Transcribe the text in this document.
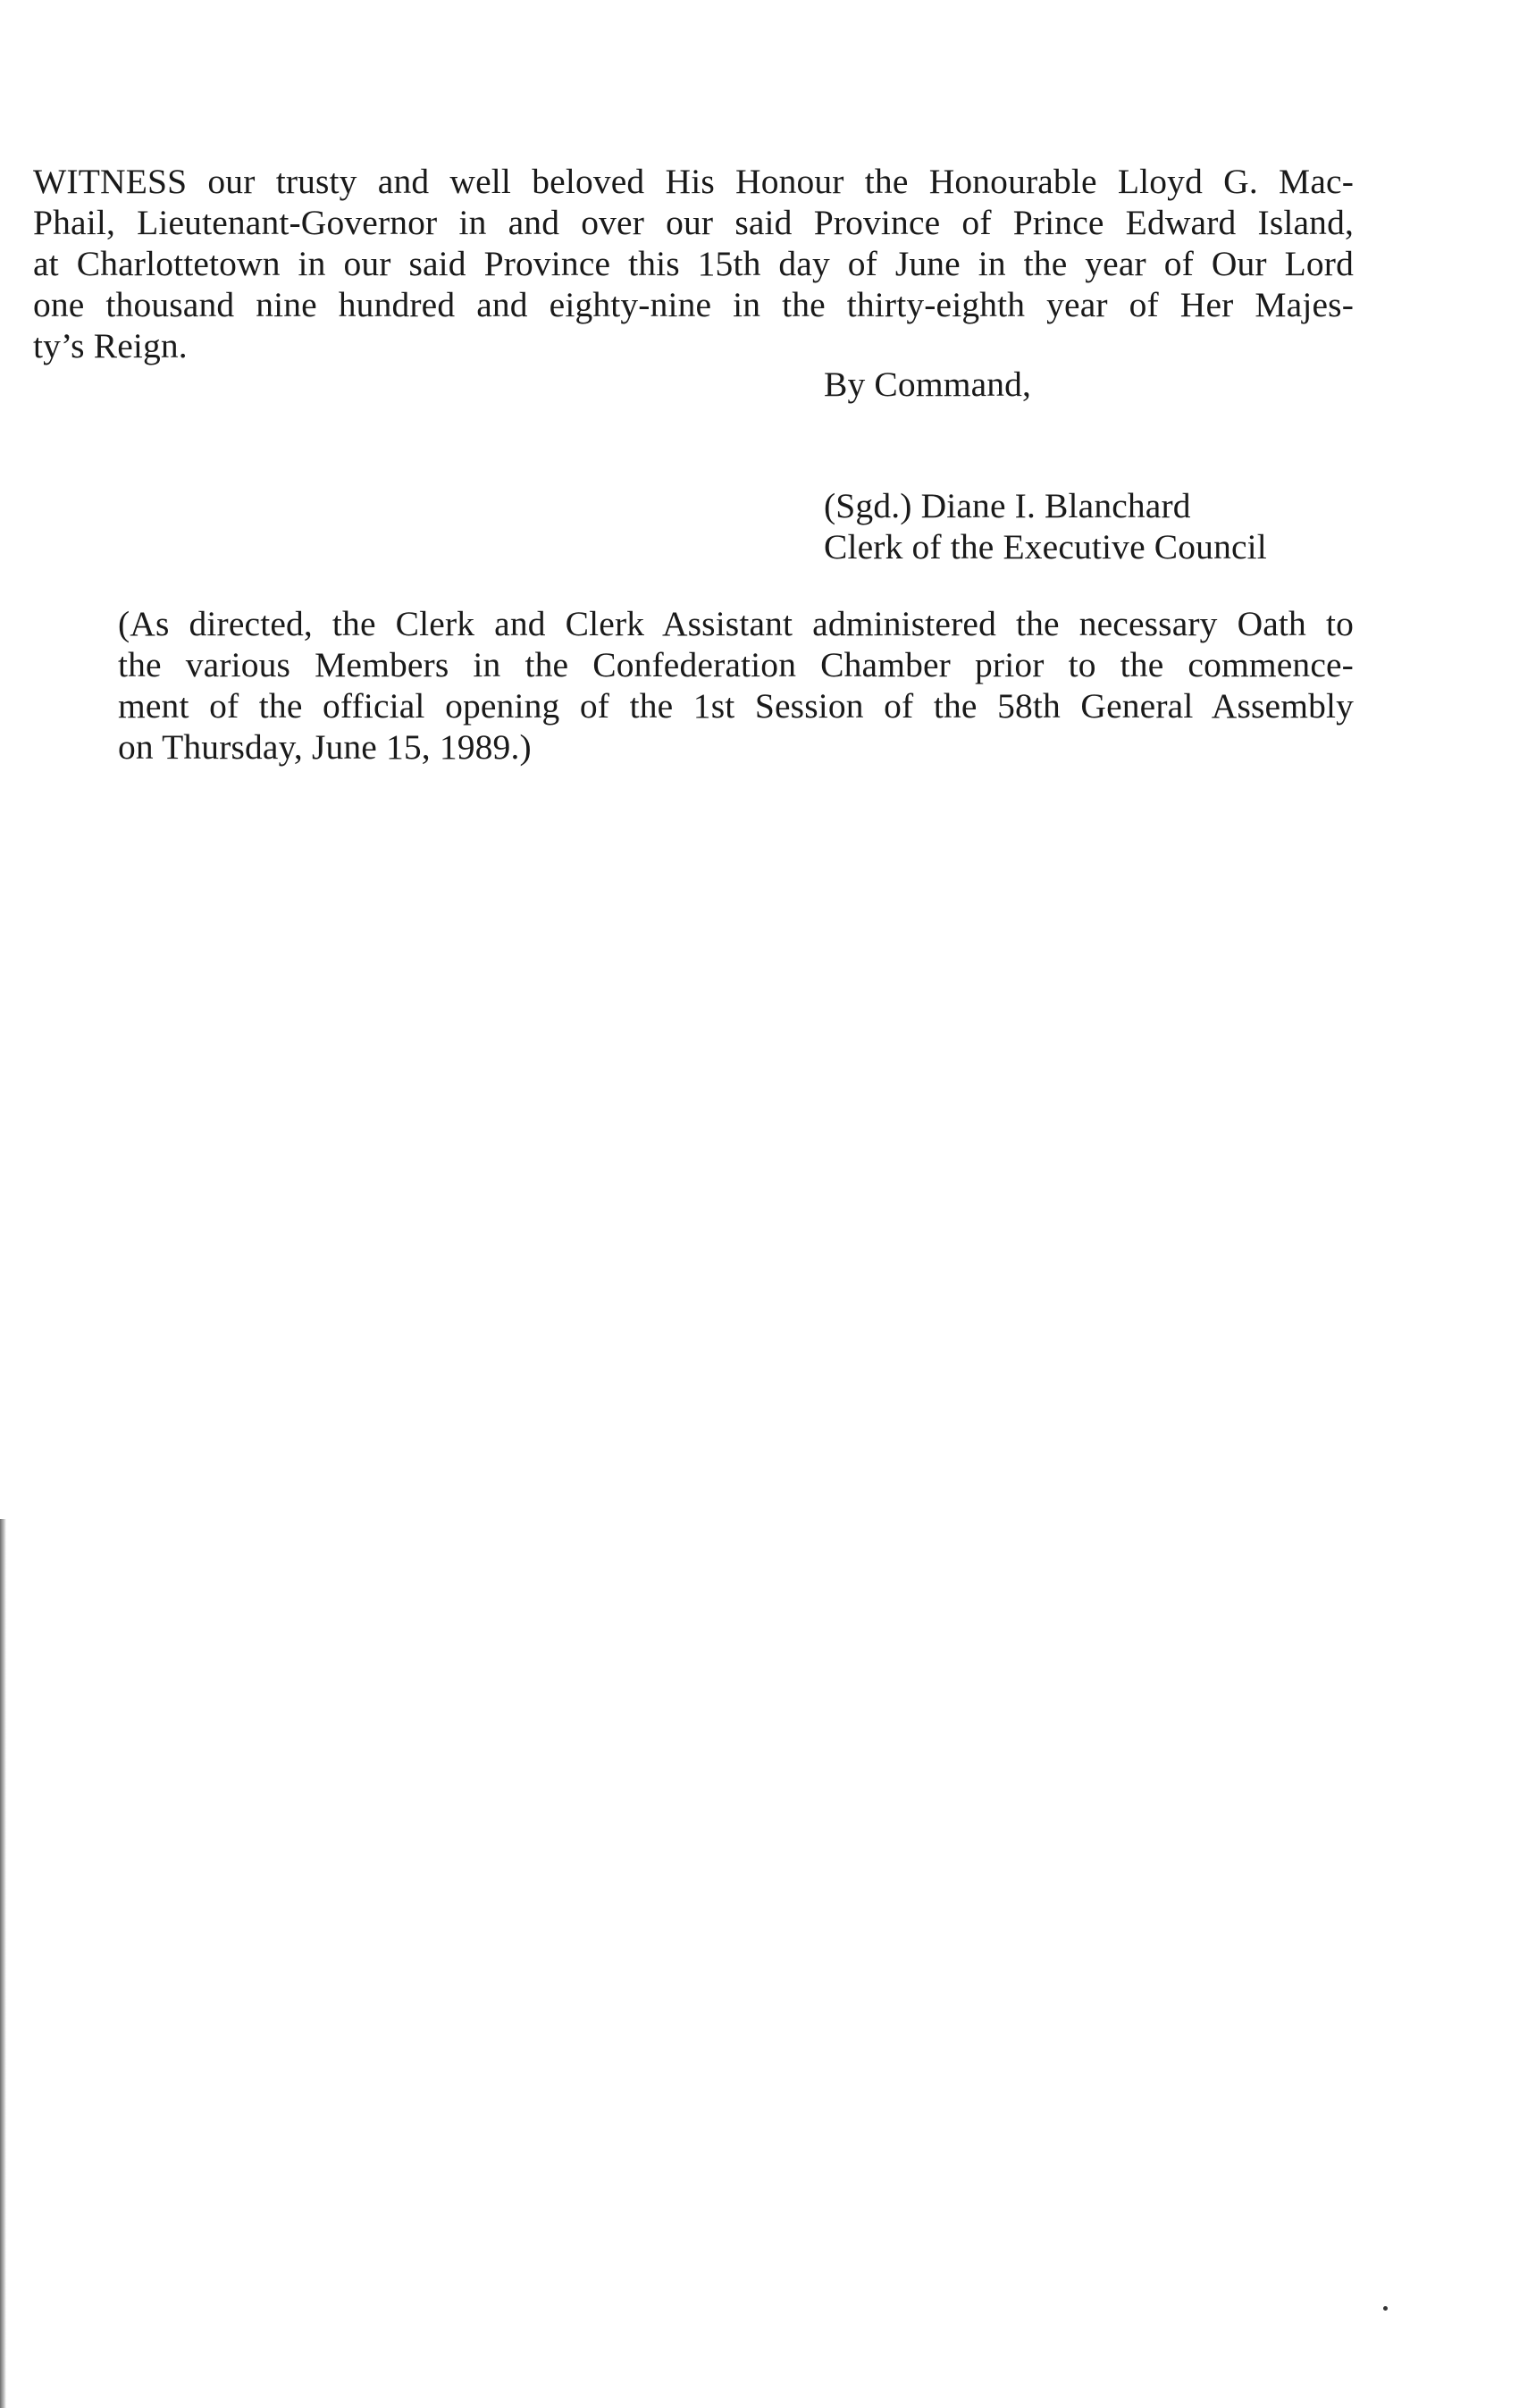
WITNESS our trusty and well beloved His Honour the Honourable Lloyd G. Mac-
Phail, Lieutenant-Governor in and over our said Province of Prince Edward Island,
at Charlottetown in our said Province this 15th day of June in the year of Our Lord
one thousand nine hundred and eighty-nine in the thirty-eighth year of Her Majes-
ty’s Reign.
By Command,
(Sgd.) Diane I. Blanchard
Clerk of the Executive Council
(As directed, the Clerk and Clerk Assistant administered the necessary Oath to
the various Members in the Confederation Chamber prior to the commence-
ment of the official opening of the 1st Session of the 58th General Assembly
on Thursday, June 15, 1989.)
